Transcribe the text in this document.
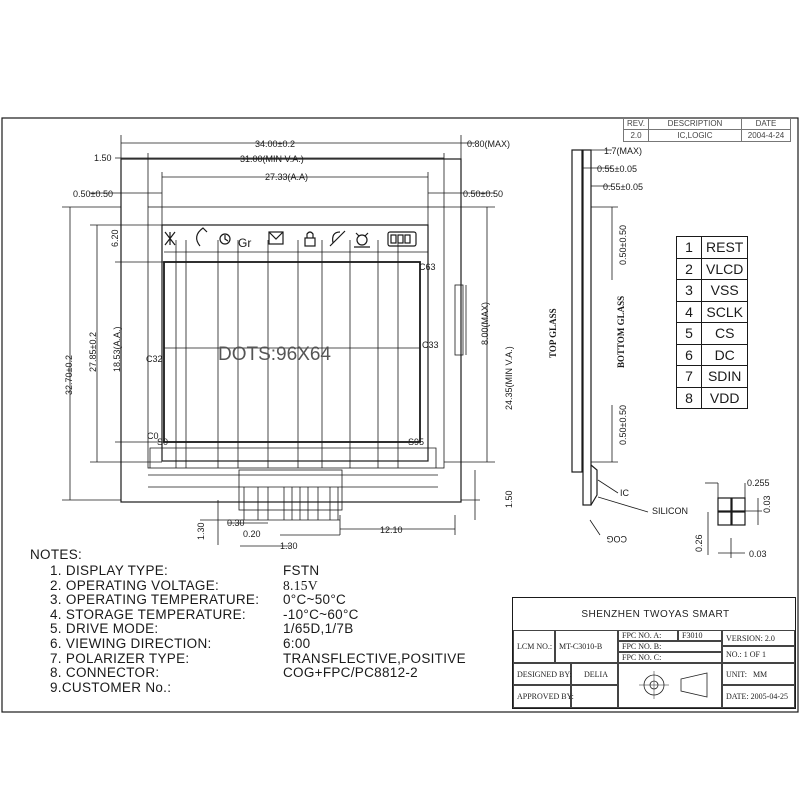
Gr
34.00±0.2	0.80(MAX)
1.50	31.00(MIN V.A.)
27.33(A.A)
0.50±0.50	0.50±0.50
6.20
32.70±0.2
27.85±0.2 18.53(A.A.)	24.35(MIN V.A.)
8.00(MAX)
1.50
1.30 0.30
0.20
1.30
12.10
DOTS:96X64
C63
C33
C32
C0
S0	S95
1.7(MAX)
0.55±0.05
0.55±0.05
0.50±0.50
0.50±0.50
TOP GLASS	BOTTOM GLASS
IC
SILICON
COG
0.255
0.03
0.26
0.03
REV.	DESCRIPTION	DATE
2.0	IC,LOGIC	2004-4-24
1	REST
2	VLCD
3	VSS
4	SCLK
5	CS
6	DC
7	SDIN
8	VDD
NOTES:
1. DISPLAY TYPE:	FSTN
2. OPERATING VOLTAGE:	8.15V
3. OPERATING TEMPERATURE:	0°C~50°C
4. STORAGE TEMPERATURE:	-10°C~60°C
5. DRIVE MODE:	1/65D,1/7B
6. VIEWING DIRECTION:	6:00
7. POLARIZER TYPE:	TRANSFLECTIVE,POSITIVE
8. CONNECTOR:	COG+FPC/PC8812-2
9.CUSTOMER No.:
SHENZHEN TWOYAS SMART
LCM NO.: MT-C3010-B
FPC NO. A:	F3010
FPC NO. B:
FPC NO. C:
VERSION:
2.0
NO.:
1 OF 1
DESIGNED BY:	DELIA
APPROVED BY:
UNIT:
MM
DATE:
2005-04-25
